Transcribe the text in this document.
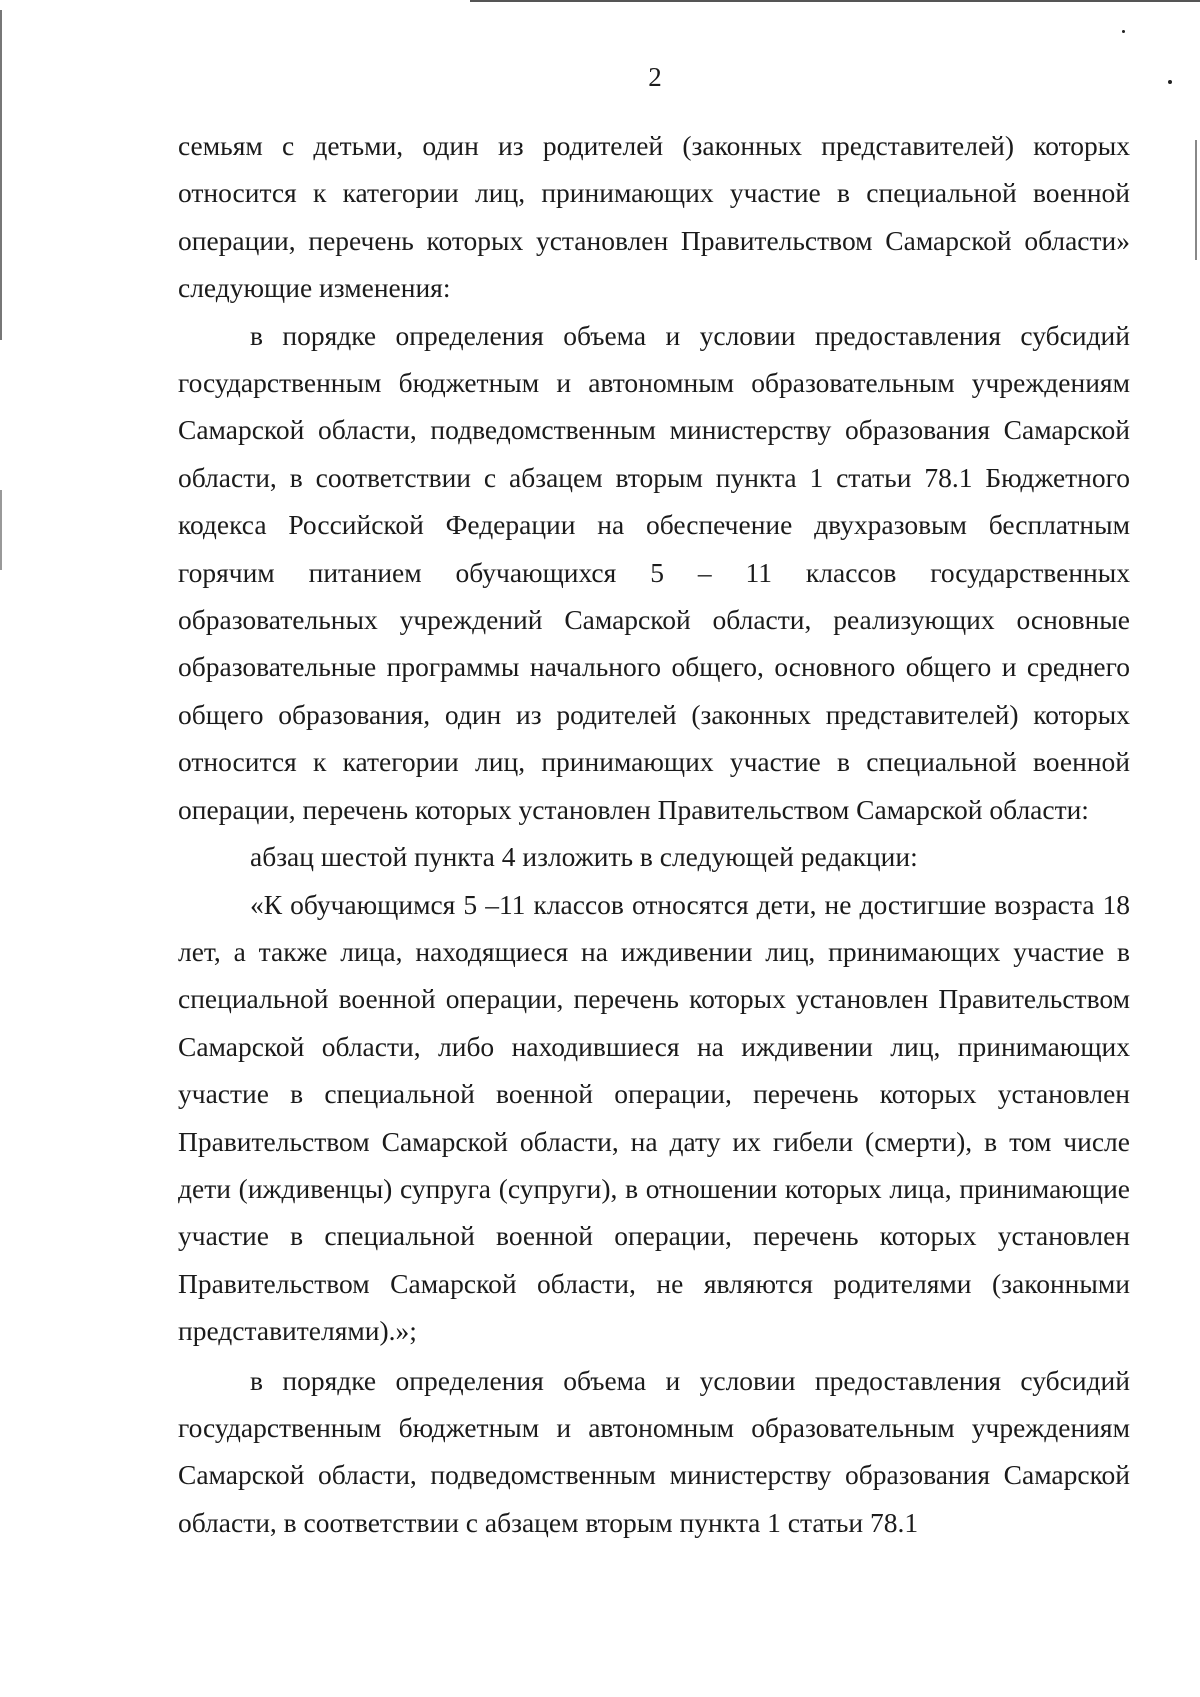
2

семьям с детьми, один из родителей (законных представителей) которых относится к категории лиц, принимающих участие в специальной военной операции, перечень которых установлен Правительством Самарской области» следующие изменения:

в порядке определения объема и условии предоставления субсидий государственным бюджетным и автономным образовательным учреждениям Самарской области, подведомственным министерству образования Самарской области, в соответствии с абзацем вторым пункта 1 статьи 78.1 Бюджетного кодекса Российской Федерации на обеспечение двухразовым бесплатным горячим питанием обучающихся 5 – 11 классов государственных образовательных учреждений Самарской области, реализующих основные образовательные программы начального общего, основного общего и среднего общего образования, один из родителей (законных представителей) которых относится к категории лиц, принимающих участие в специальной военной операции, перечень которых установлен Правительством Самарской области:

абзац шестой пункта 4 изложить в следующей редакции:

«К обучающимся 5 –11 классов относятся дети, не достигшие возраста 18 лет, а также лица, находящиеся на иждивении лиц, принимающих участие в специальной военной операции, перечень которых установлен Правительством Самарской области, либо находившиеся на иждивении лиц, принимающих участие в специальной военной операции, перечень которых установлен Правительством Самарской области, на дату их гибели (смерти), в том числе дети (иждивенцы) супруга (супруги), в отношении которых лица, принимающие участие в специальной военной операции, перечень которых установлен Правительством Самарской области, не являются родителями (законными представителями).»;

в порядке определения объема и условии предоставления субсидий государственным бюджетным и автономным образовательным учреждениям Самарской области, подведомственным министерству образования Самарской области, в соответствии с абзацем вторым пункта 1 статьи 78.1
